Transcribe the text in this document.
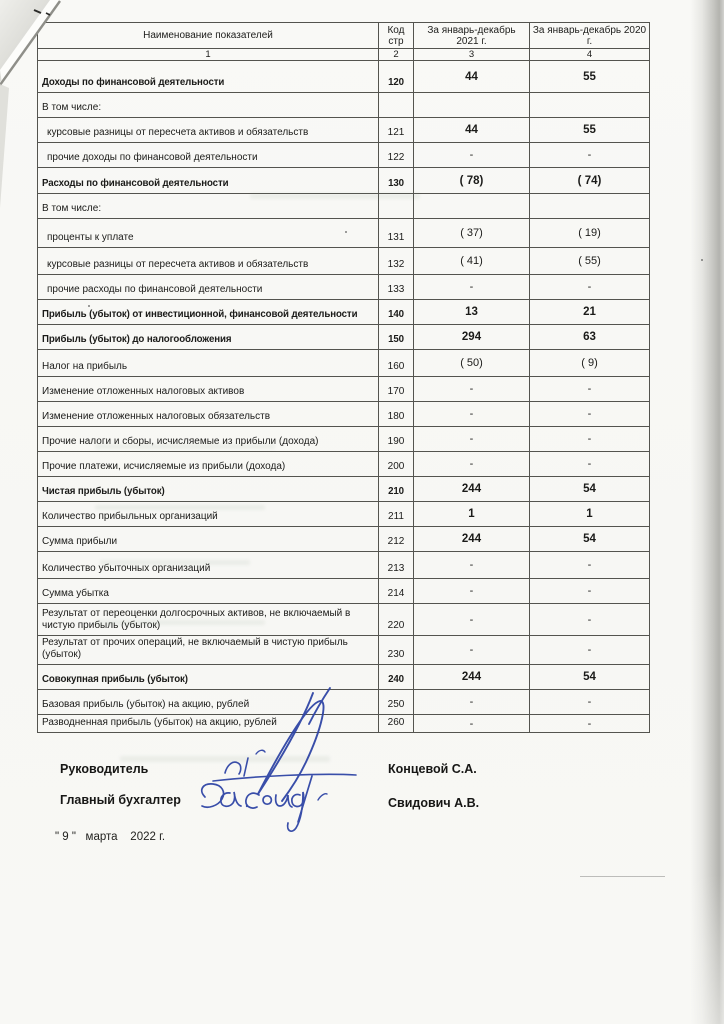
Наименование показателей	Код стр	За январь-декабрь 2021 г.	За январь-декабрь 2020 г.
1	2	3	4
Доходы по финансовой деятельности	120	44	55
В том числе:			
курсовые разницы от пересчета активов и обязательств	121	44	55
прочие доходы по финансовой деятельности	122	-	-
Расходы по финансовой деятельности	130	( 78)	( 74)
В том числе:			
проценты к уплате	131	( 37)	( 19)
курсовые разницы от пересчета активов и обязательств	132	( 41)	( 55)
прочие расходы по финансовой деятельности	133	-	-
Прибыль (убыток) от инвестиционной, финансовой деятельности	140	13	21
Прибыль (убыток) до налогообложения	150	294	63
Налог на прибыль	160	( 50)	( 9)
Изменение отложенных налоговых активов	170	-	-
Изменение отложенных налоговых обязательств	180	-	-
Прочие налоги и сборы, исчисляемые из прибыли (дохода)	190	-	-
Прочие платежи, исчисляемые из прибыли (дохода)	200	-	-
Чистая прибыль (убыток)	210	244	54
Количество прибыльных организаций	211	1	1
Сумма прибыли	212	244	54
Количество убыточных организаций	213	-	-
Сумма убытка	214	-	-
Результат от переоценки долгосрочных активов, не включаемый в чистую прибыль (убыток)	220	-	-
Результат от прочих операций, не включаемый в чистую прибыль (убыток)	230	-	-
Совокупная прибыль (убыток)	240	244	54
Базовая прибыль (убыток) на акцию, рублей	250	-	-
Разводненная прибыль (убыток) на акцию, рублей	260	-	-
Руководитель	Концевой С.А.
Главный бухгалтер	Свидович А.В.
" 9 "   марта    2022 г.
